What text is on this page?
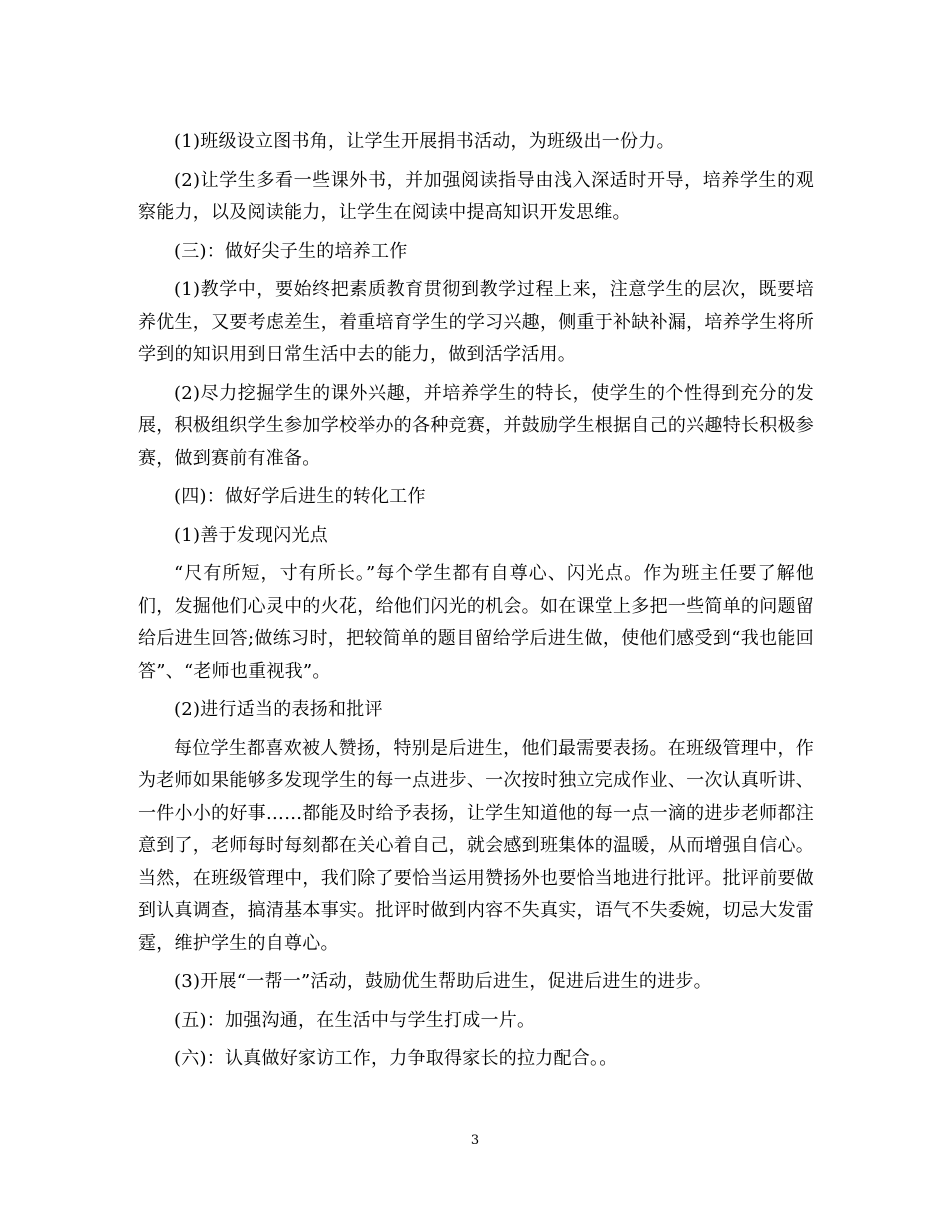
(1)班级设立图书角，让学生开展捐书活动，为班级出一份力。

(2)让学生多看一些课外书，并加强阅读指导由浅入深适时开导，培养学生的观察能力，以及阅读能力，让学生在阅读中提高知识开发思维。

(三)：做好尖子生的培养工作

(1)教学中，要始终把素质教育贯彻到教学过程上来，注意学生的层次，既要培养优生，又要考虑差生，着重培育学生的学习兴趣，侧重于补缺补漏，培养学生将所学到的知识用到日常生活中去的能力，做到活学活用。

(2)尽力挖掘学生的课外兴趣，并培养学生的特长，使学生的个性得到充分的发展，积极组织学生参加学校举办的各种竞赛，并鼓励学生根据自己的兴趣特长积极参赛，做到赛前有准备。

(四)：做好学后进生的转化工作

(1)善于发现闪光点

“尺有所短，寸有所长。”每个学生都有自尊心、闪光点。作为班主任要了解他们，发掘他们心灵中的火花，给他们闪光的机会。如在课堂上多把一些简单的问题留给后进生回答;做练习时，把较简单的题目留给学后进生做，使他们感受到“我也能回答”、“老师也重视我”。

(2)进行适当的表扬和批评

每位学生都喜欢被人赞扬，特别是后进生，他们最需要表扬。在班级管理中，作为老师如果能够多发现学生的每一点进步、一次按时独立完成作业、一次认真听讲、一件小小的好事……都能及时给予表扬，让学生知道他的每一点一滴的进步老师都注意到了，老师每时每刻都在关心着自己，就会感到班集体的温暖，从而增强自信心。当然，在班级管理中，我们除了要恰当运用赞扬外也要恰当地进行批评。批评前要做到认真调查，搞清基本事实。批评时做到内容不失真实，语气不失委婉，切忌大发雷霆，维护学生的自尊心。

(3)开展“一帮一”活动，鼓励优生帮助后进生，促进后进生的进步。

(五)：加强沟通，在生活中与学生打成一片。

(六)：认真做好家访工作，力争取得家长的拉力配合。。

3
